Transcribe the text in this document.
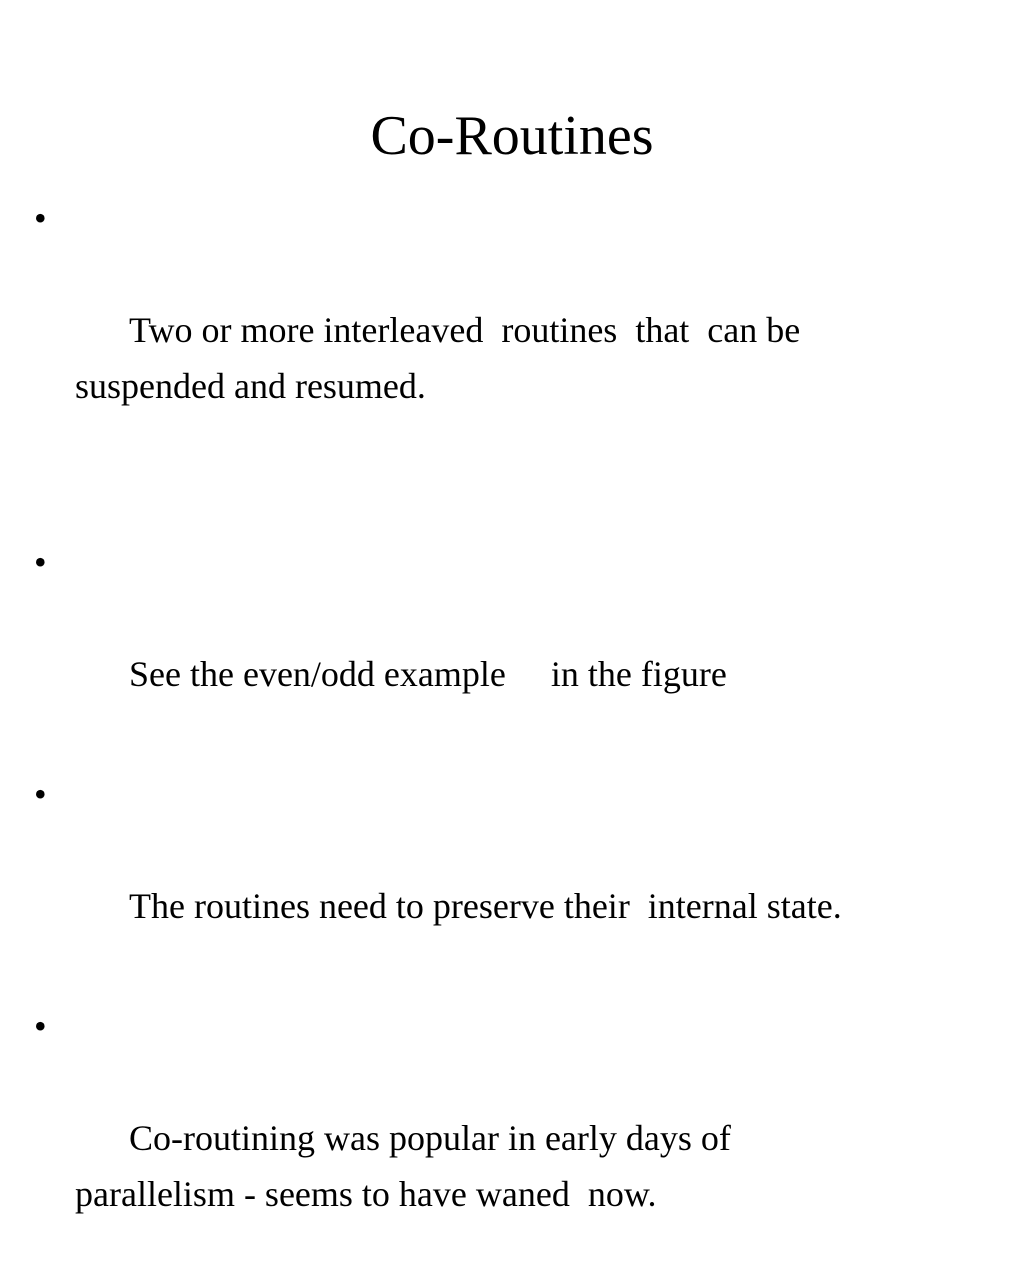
Co-Routines

•

Two or more interleaved  routines  that  can be
suspended and resumed.

•

See the even/odd example     in the figure

•

The routines need to preserve their  internal state.

•

Co-routining was popular in early days of
parallelism - seems to have waned  now.
